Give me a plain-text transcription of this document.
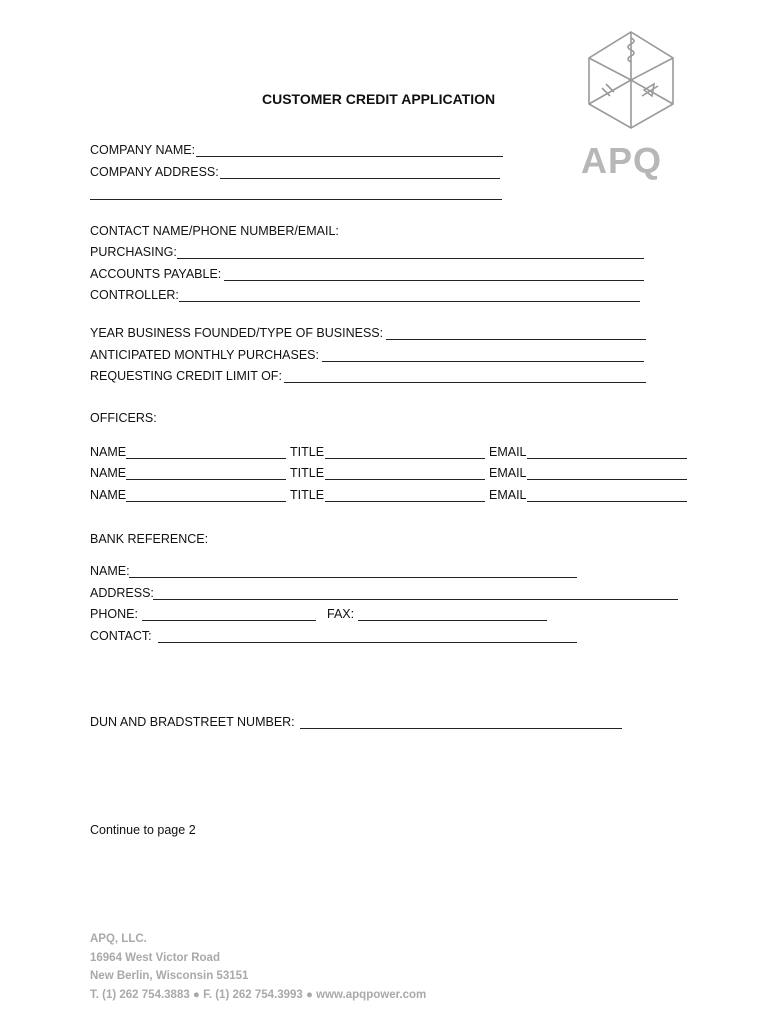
CUSTOMER CREDIT APPLICATION
APQ
COMPANY NAME:
COMPANY ADDRESS:
CONTACT NAME/PHONE NUMBER/EMAIL:
PURCHASING:
ACCOUNTS PAYABLE:
CONTROLLER:
YEAR BUSINESS FOUNDED/TYPE OF BUSINESS:
ANTICIPATED MONTHLY PURCHASES:
REQUESTING CREDIT LIMIT OF:
OFFICERS:
NAME	TITLE	EMAIL
NAME	TITLE	EMAIL
NAME	TITLE	EMAIL
BANK REFERENCE:
NAME:
ADDRESS:
PHONE:	FAX:
CONTACT:
DUN AND BRADSTREET NUMBER:
Continue to page 2
APQ, LLC.
16964 West Victor Road
New Berlin, Wisconsin 53151
T. (1) 262 754.3883 ● F. (1) 262 754.3993 ● www.apqpower.com
